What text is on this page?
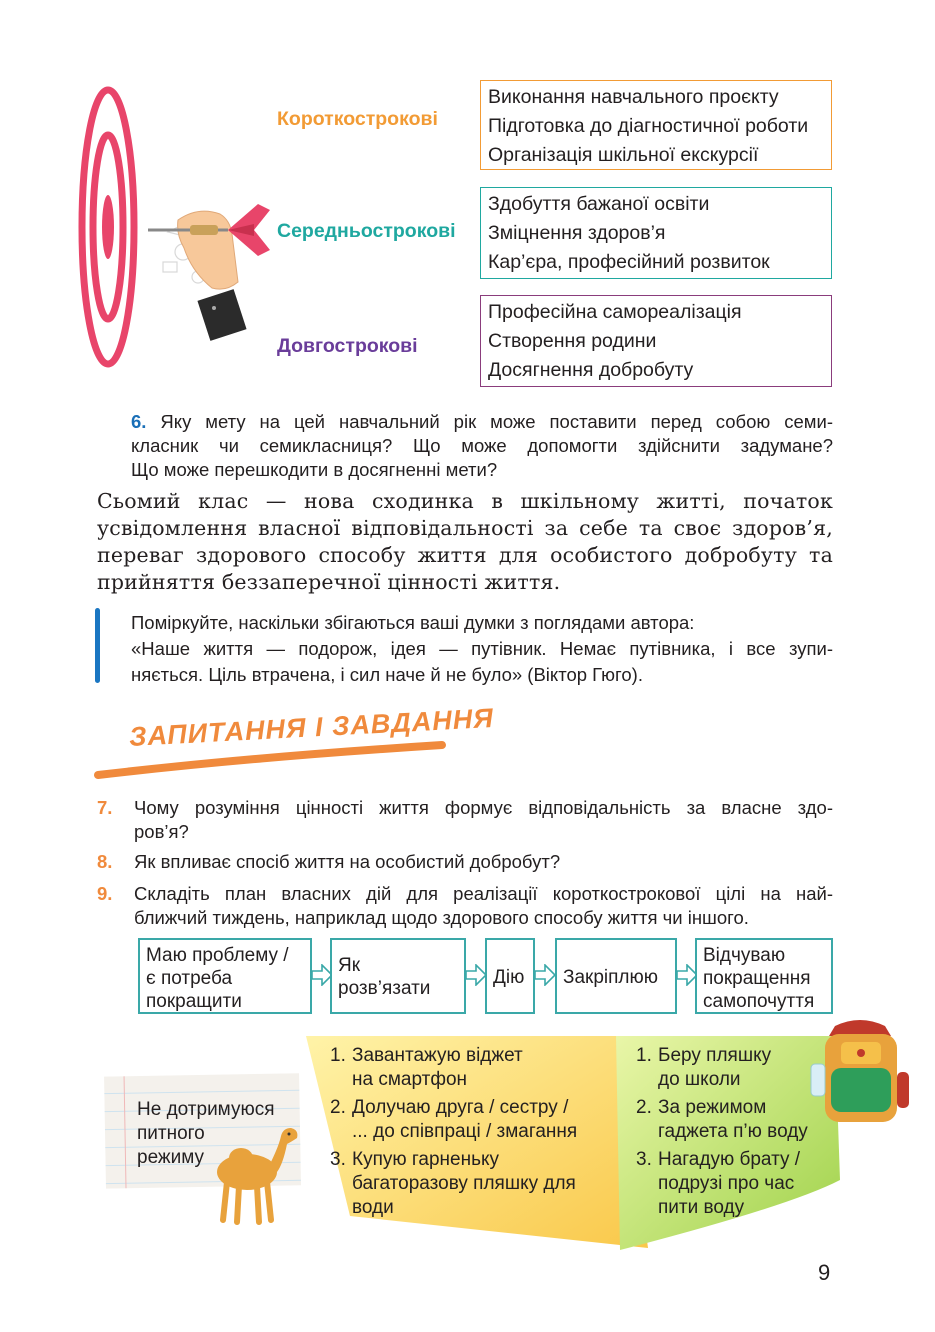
Короткострокові
Середньострокові
Довгострокові
Виконання навчального проєкту
Підготовка до діагностичної роботи
Організація шкільної екскурсії
Здобуття бажаної освіти
Зміцнення здоров’я
Кар’єра, професійний розвиток
Професійна самореалізація
Створення родини
Досягнення добробуту
6. Яку мету на цей навчальний рік може поставити перед собою семи-
класник чи семикласниця? Що може допомогти здійснити задумане?
Що може перешкодити в досягненні мети?
Сьомий клас — нова сходинка в шкільному житті, початок
усвідомлення власної відповідальності за себе та своє здоров’я,
переваг здорового способу життя для особистого добробуту та
прийняття беззаперечної цінності життя.
Поміркуйте, наскільки збігаються ваші думки з поглядами автора:
«Наше життя — подорож, ідея — путівник. Немає путівника, і все зупи-
няється. Ціль втрачена, і сил наче й не було» (Віктор Гюго).
ЗАПИТАННЯ І ЗАВДАННЯ
7. Чому розуміння цінності життя формує відповідальність за власне здо-
ров’я?
8. Як впливає спосіб життя на особистий добробут?
9. Складіть план власних дій для реалізації короткострокової цілі на най-
ближчий тиждень, наприклад щодо здорового способу життя чи іншого.
Маю проблему /
є потреба
покращити
Як
розв’язати
Дію Закріплюю
Відчуваю
покращення
самопочуття
Не дотримуюся
питного
режиму
1. Завантажую віджет
на смартфон
2. Долучаю друга / сестру /
... до співпраці / змагання
3. Купую гарненьку
багаторазову пляшку для
води
1. Беру пляшку
до школи
2. За режимом
гаджета п’ю воду
3. Нагадую брату /
подрузі про час
пити воду
9
